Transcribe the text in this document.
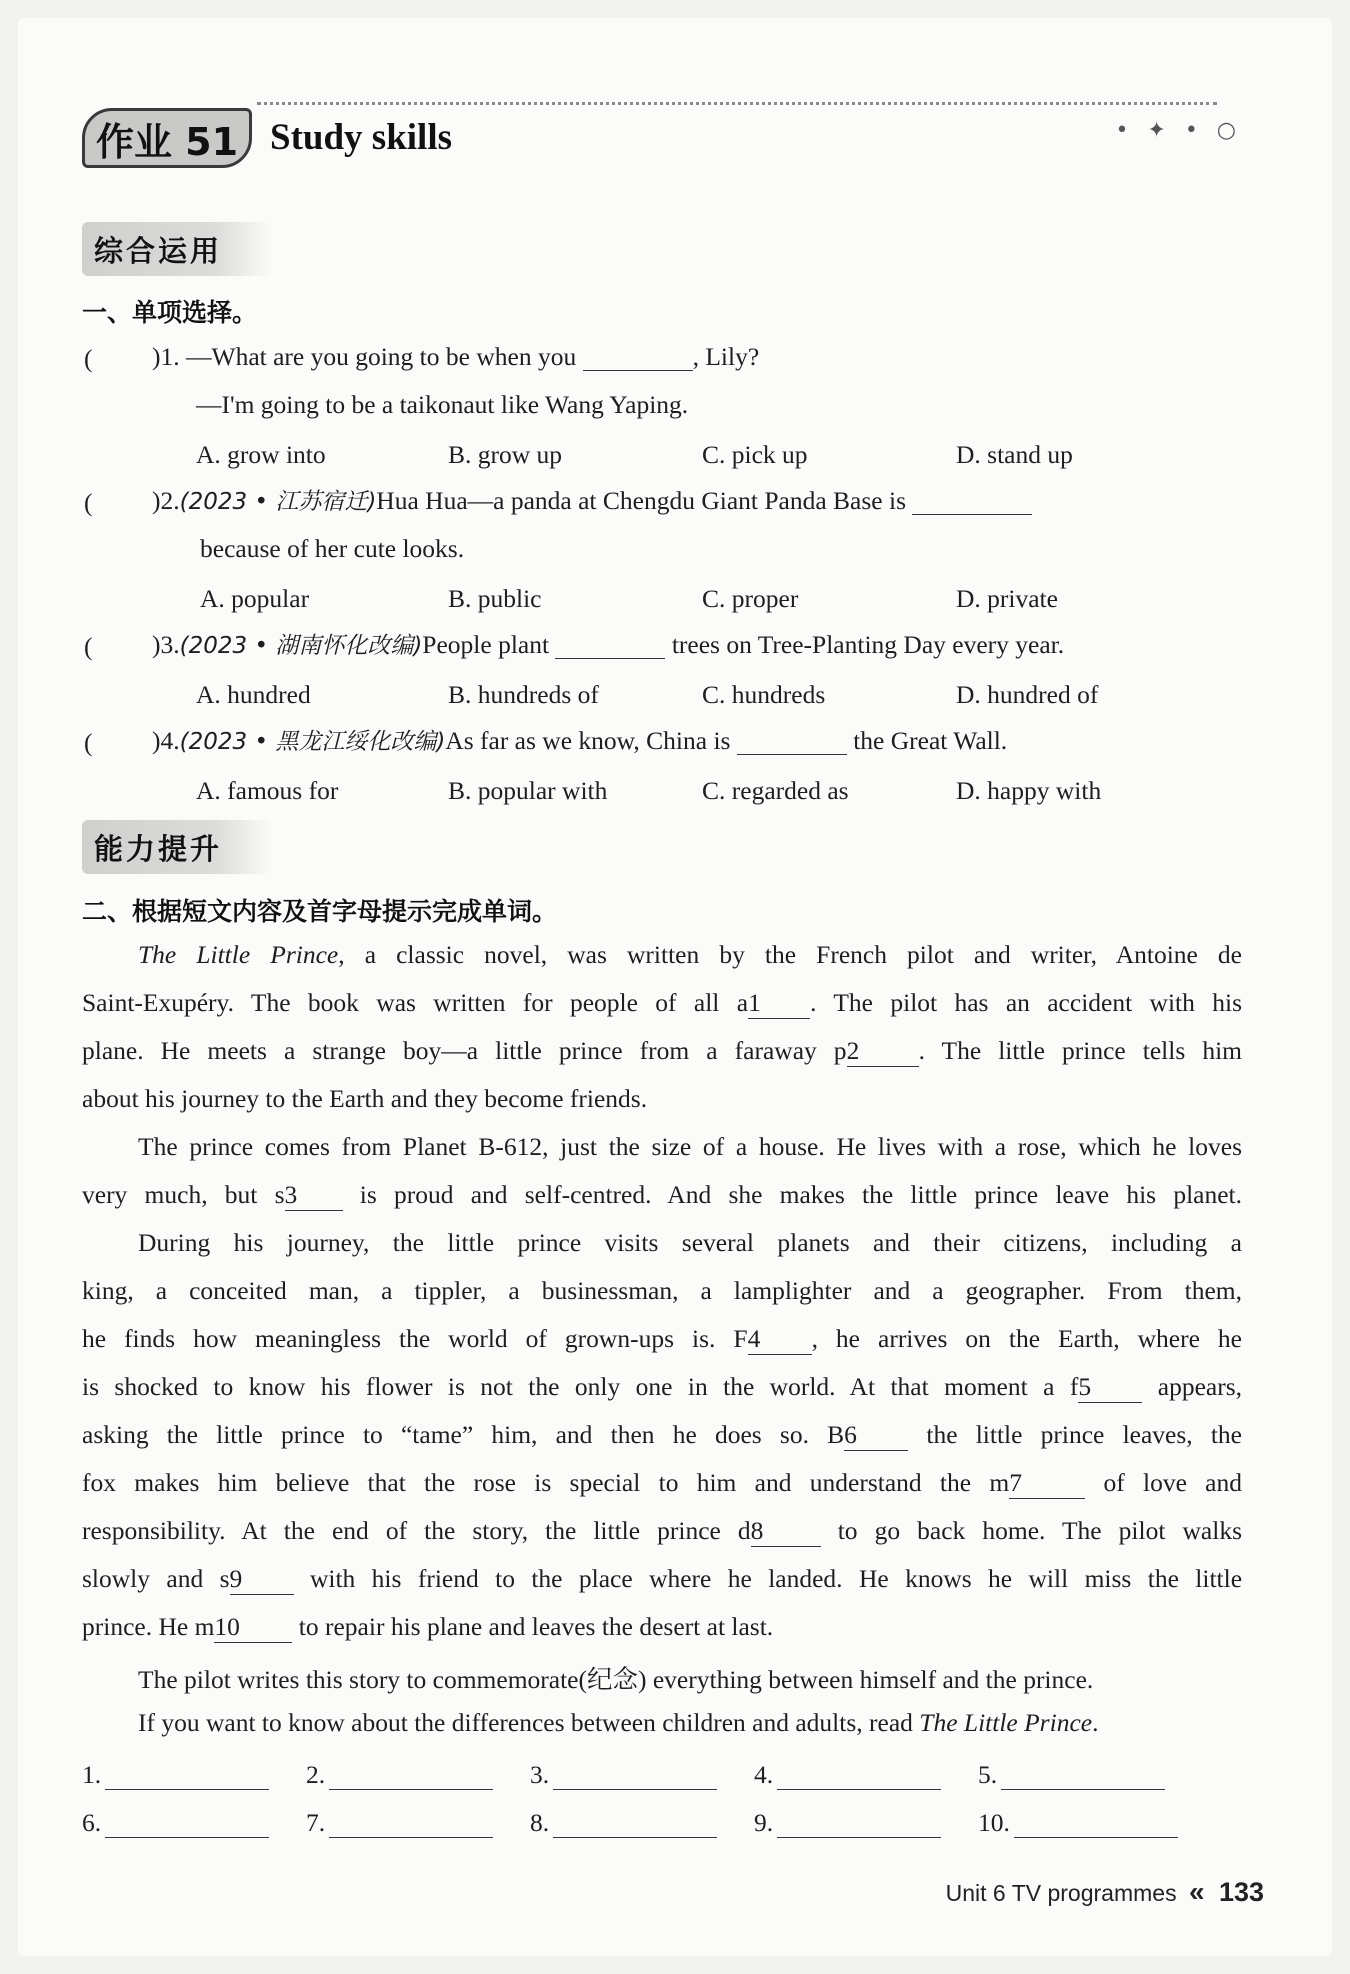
作业 51 Study skills	• ✦ • ○
综合运用
一、单项选择。
( )1. —What are you going to be when you	, Lily?
—I'm going to be a taikonaut like Wang Yaping.
A. grow into	B. grow up	C. pick up	D. stand up
( )2.(2023 • 江苏宿迁)Hua Hua—a panda at Chengdu Giant Panda Base is
because of her cute looks.
A. popular	B. public	C. proper	D. private
( )3.(2023 • 湖南怀化改编)People plant	trees on Tree-Planting Day every year.
A. hundred	B. hundreds of	C. hundreds	D. hundred of
( )4.(2023 • 黑龙江绥化改编)As far as we know, China is	the Great Wall.
A. famous for	B. popular with	C. regarded as	D. happy with
能力提升
二、根据短文内容及首字母提示完成单词。
The Little Prince, a classic novel, was written by the French pilot and writer, Antoine de
Saint-Exupéry. The book was written for people of all a1 . The pilot has an accident with his
plane. He meets a strange boy—a little prince from a faraway p2 . The little prince tells him
about his journey to the Earth and they become friends.
The prince comes from Planet B-612, just the size of a house. He lives with a rose, which he loves
very much, but s3 is proud and self-centred. And she makes the little prince leave his planet.
During his journey, the little prince visits several planets and their citizens, including a
king, a conceited man, a tippler, a businessman, a lamplighter and a geographer. From them,
he finds how meaningless the world of grown-ups is. F4 , he arrives on the Earth, where he
is shocked to know his flower is not the only one in the world. At that moment a f5	appears,
asking the little prince to “tame” him, and then he does so. B6	the little prince leaves, the
fox makes him believe that the rose is special to him and understand the m7	of love and
responsibility. At the end of the story, the little prince d8	to go back home. The pilot walks
slowly and s9	with his friend to the place where he landed. He knows he will miss the little
prince. He m10 to repair his plane and leaves the desert at last.
The pilot writes this story to commemorate(纪念) everything between himself and the prince.
If you want to know about the differences between children and adults, read The Little Prince.
1.	2.	3.	4.	5.
6.	7.	8.	9.	10.
Unit 6 TV programmes « 133
